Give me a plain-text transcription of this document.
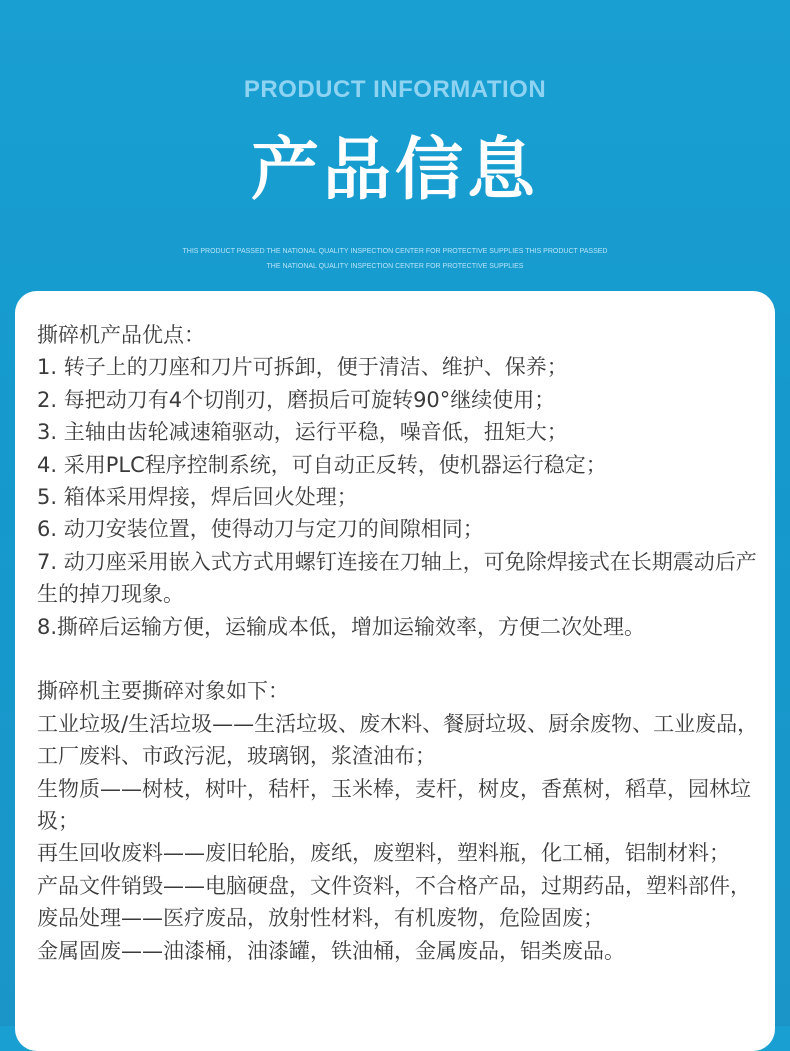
PRODUCT INFORMATION
产品信息
THIS PRODUCT PASSED THE NATIONAL QUALITY INSPECTION CENTER FOR PROTECTIVE SUPPLIES THIS PRODUCT PASSED
THE NATIONAL QUALITY INSPECTION CENTER FOR PROTECTIVE SUPPLIES
撕碎机产品优点：
1. 转子上的刀座和刀片可拆卸，便于清洁、维护、保养；
2. 每把动刀有4个切削刃，磨损后可旋转90°继续使用；
3. 主轴由齿轮减速箱驱动，运行平稳，噪音低，扭矩大；
4. 采用PLC程序控制系统，可自动正反转，使机器运行稳定；
5. 箱体采用焊接，焊后回火处理；
6. 动刀安装位置，使得动刀与定刀的间隙相同；
7. 动刀座采用嵌入式方式用螺钉连接在刀轴上，可免除焊接式在长期震动后产生的掉刀现象。
8.撕碎后运输方便，运输成本低，增加运输效率，方便二次处理。
撕碎机主要撕碎对象如下：
工业垃圾/生活垃圾——生活垃圾、废木料、餐厨垃圾、厨余废物、工业废品，工厂废料、市政污泥，玻璃钢，浆渣油布；
生物质——树枝，树叶，秸杆，玉米棒，麦杆，树皮，香蕉树，稻草，园林垃圾；
再生回收废料——废旧轮胎，废纸，废塑料，塑料瓶，化工桶，铝制材料；
产品文件销毁——电脑硬盘，文件资料，不合格产品，过期药品，塑料部件，
废品处理——医疗废品，放射性材料，有机废物，危险固废；
金属固废——油漆桶，油漆罐，铁油桶，金属废品，铝类废品。
